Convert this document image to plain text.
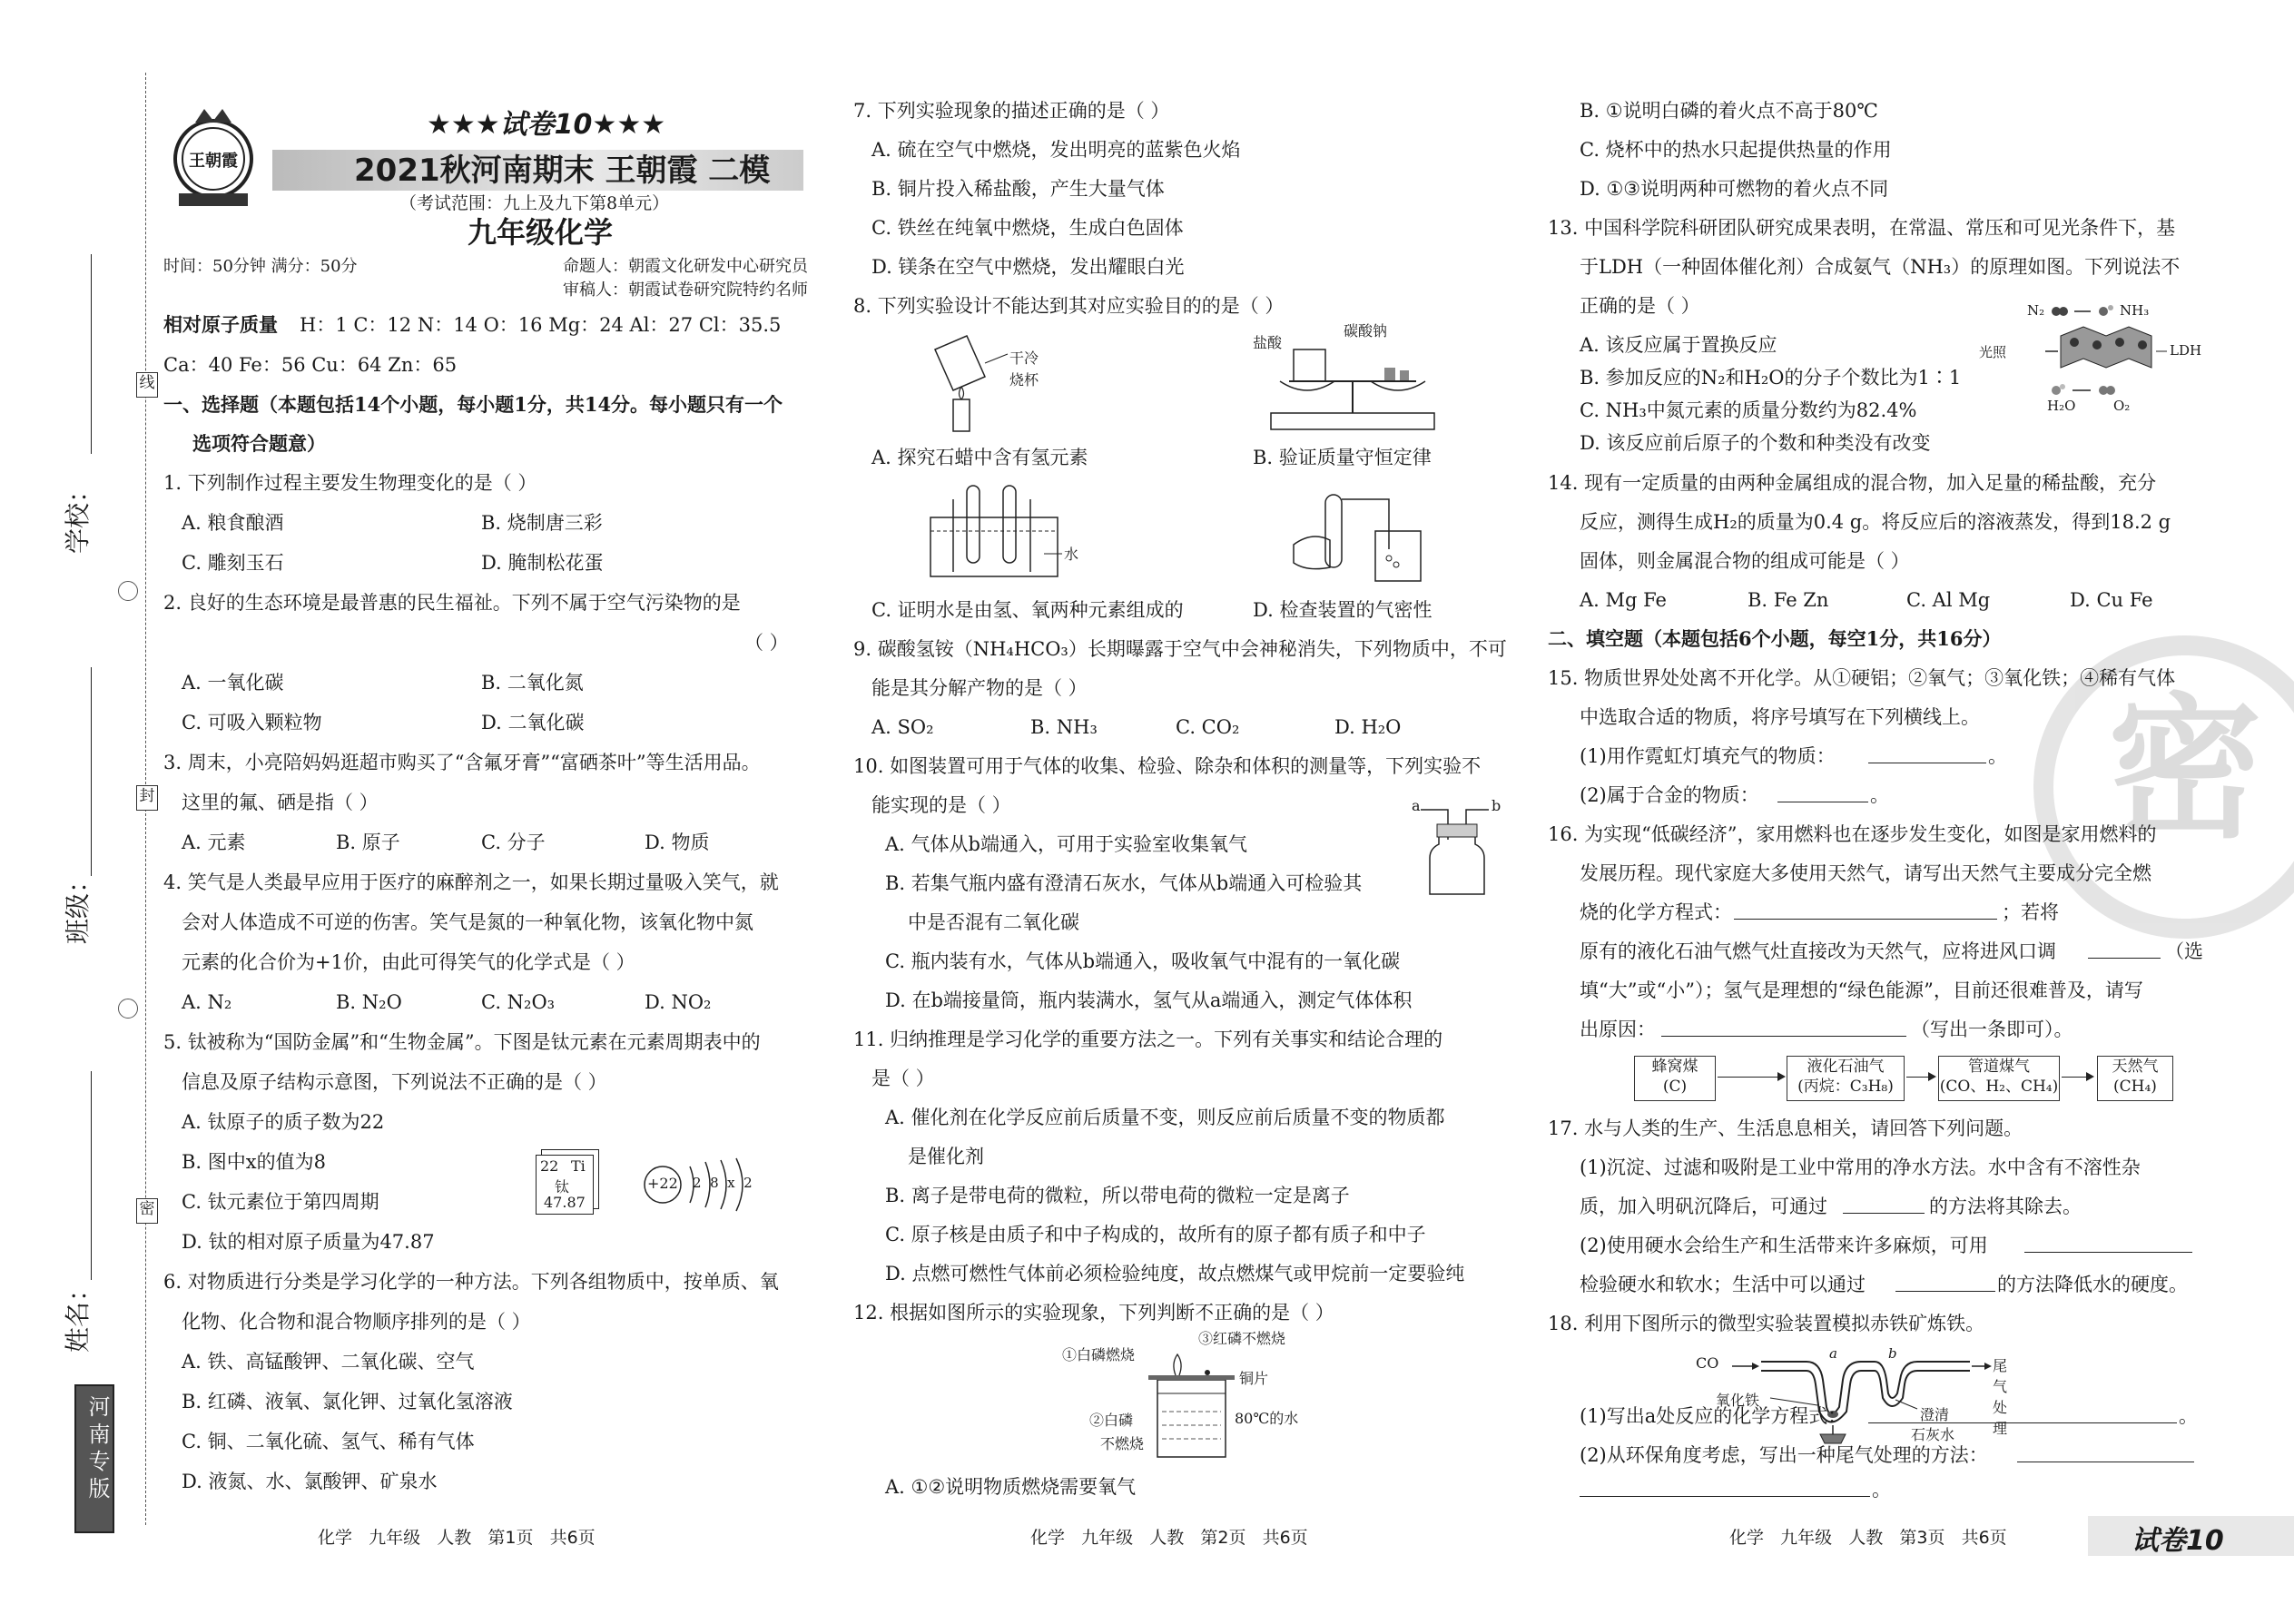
学校：
班级：
姓名：
线
封
密
河南专版
王朝霞
★★★试卷10★★★
2021秋河南期末 王朝霞 二模
（考试范围：九上及九下第8单元）
九年级化学
时间：50分钟 满分：50分	命题人：朝霞文化研发中心研究员
审稿人：朝霞试卷研究院特约名师
相对原子质量 H：1 C：12 N：14 O：16 Mg：24 Al：27 Cl：35.5
Ca：40 Fe：56 Cu：64 Zn：65
一、选择题（本题包括14个小题，每小题1分，共14分。每小题只有一个
选项符合题意）
1. 下列制作过程主要发生物理变化的是（ ）
A. 粮食酿酒	B. 烧制唐三彩
C. 雕刻玉石	D. 腌制松花蛋
2. 良好的生态环境是最普惠的民生福祉。下列不属于空气污染物的是
（ ）
A. 一氧化碳	B. 二氧化氮
C. 可吸入颗粒物	D. 二氧化碳
3. 周末，小亮陪妈妈逛超市购买了“含氟牙膏”“富硒茶叶”等生活用品。
这里的氟、硒是指（ ）
A. 元素	B. 原子	C. 分子	D. 物质
4. 笑气是人类最早应用于医疗的麻醉剂之一，如果长期过量吸入笑气，就
会对人体造成不可逆的伤害。笑气是氮的一种氧化物，该氧化物中氮
元素的化合价为+1价，由此可得笑气的化学式是（ ）
A. N₂	B. N₂O	C. N₂O₃	D. NO₂
5. 钛被称为“国防金属”和“生物金属”。下图是钛元素在元素周期表中的
信息及原子结构示意图，下列说法不正确的是（ ）
A. 钛原子的质子数为22
B. 图中x的值为8
C. 钛元素位于第四周期
D. 钛的相对原子质量为47.87
22 Ti
钛
47.87
+22 2  8  x  2
6. 对物质进行分类是学习化学的一种方法。下列各组物质中，按单质、氧
化物、化合物和混合物顺序排列的是（ ）
A. 铁、高锰酸钾、二氧化碳、空气
B. 红磷、液氧、氯化钾、过氧化氢溶液
C. 铜、二氧化硫、氢气、稀有气体
D. 液氮、水、氯酸钾、矿泉水
7. 下列实验现象的描述正确的是（ ）
A. 硫在空气中燃烧，发出明亮的蓝紫色火焰
B. 铜片投入稀盐酸，产生大量气体
C. 铁丝在纯氧中燃烧，生成白色固体
D. 镁条在空气中燃烧，发出耀眼白光
8. 下列实验设计不能达到其对应实验目的的是（ ）
干冷
烧杯
盐酸
碳酸钠
A. 探究石蜡中含有氢元素	B. 验证质量守恒定律
水
C. 证明水是由氢、氧两种元素组成的	D. 检查装置的气密性
9. 碳酸氢铵（NH₄HCO₃）长期曝露于空气中会神秘消失，下列物质中，不可
能是其分解产物的是（ ）
A. SO₂	B. NH₃	C. CO₂	D. H₂O
10. 如图装置可用于气体的收集、检验、除杂和体积的测量等，下列实验不
能实现的是（ ）
A. 气体从b端通入，可用于实验室收集氧气
B. 若集气瓶内盛有澄清石灰水，气体从b端通入可检验其
中是否混有二氧化碳
C. 瓶内装有水，气体从b端通入，吸收氧气中混有的一氧化碳
D. 在b端接量筒，瓶内装满水，氢气从a端通入，测定气体体积
a	b
11. 归纳推理是学习化学的重要方法之一。下列有关事实和结论合理的
是（ ）
A. 催化剂在化学反应前后质量不变，则反应前后质量不变的物质都
是催化剂
B. 离子是带电荷的微粒，所以带电荷的微粒一定是离子
C. 原子核是由质子和中子构成的，故所有的原子都有质子和中子
D. 点燃可燃性气体前必须检验纯度，故点燃煤气或甲烷前一定要验纯
12. 根据如图所示的实验现象，下列判断不正确的是（ ）
①白磷燃烧
③红磷不燃烧
铜片
②白磷
不燃烧
80℃的水
A. ①②说明物质燃烧需要氧气
B. ①说明白磷的着火点不高于80℃
C. 烧杯中的热水只起提供热量的作用
D. ①③说明两种可燃物的着火点不同
13. 中国科学院科研团队研究成果表明，在常温、常压和可见光条件下，基
于LDH（一种固体催化剂）合成氨气（NH₃）的原理如图。下列说法不
正确的是（ ）
A. 该反应属于置换反应
B. 参加反应的N₂和H₂O的分子个数比为1∶1
C. NH₃中氮元素的质量分数约为82.4%
D. 该反应前后原子的个数和种类没有改变
N₂	NH₃
光照	LDH
H₂O	O₂
14. 现有一定质量的由两种金属组成的混合物，加入足量的稀盐酸，充分
反应，测得生成H₂的质量为0.4 g。将反应后的溶液蒸发，得到18.2 g
固体，则金属混合物的组成可能是（ ）
A. Mg Fe	B. Fe Zn	C. Al Mg	D. Cu Fe
二、填空题（本题包括6个小题，每空1分，共16分）
密
15. 物质世界处处离不开化学。从①硬铝；②氧气；③氧化铁；④稀有气体
中选取合适的物质，将序号填写在下列横线上。
(1)用作霓虹灯填充气的物质：	。
(2)属于合金的物质：	。
16. 为实现“低碳经济”，家用燃料也在逐步发生变化，如图是家用燃料的
发展历程。现代家庭大多使用天然气，请写出天然气主要成分完全燃
烧的化学方程式：	；若将
原有的液化石油气燃气灶直接改为天然气，应将进风口调	（选
填“大”或“小”）；氢气是理想的“绿色能源”，目前还很难普及，请写
出原因：	（写出一条即可）。
蜂窝煤
(C)
液化石油气
(丙烷：C₃H₈)
管道煤气
(CO、H₂、CH₄)
天然气
(CH₄)
17. 水与人类的生产、生活息息相关，请回答下列问题。
(1)沉淀、过滤和吸附是工业中常用的净水方法。水中含有不溶性杂
质，加入明矾沉降后，可通过	的方法将其除去。
(2)使用硬水会给生产和生活带来许多麻烦，可用
检验硬水和软水；生活中可以通过	的方法降低水的硬度。
18. 利用下图所示的微型实验装置模拟赤铁矿炼铁。
CO	尾气处理
氧化铁
a	b
澄清
石灰水
(1)写出a处反应的化学方程式：	。
(2)从环保角度考虑，写出一种尾气处理的方法：
。
化学   九年级   人教   第1页   共6页	化学   九年级   人教   第2页   共6页	化学   九年级   人教   第3页   共6页	试卷10
